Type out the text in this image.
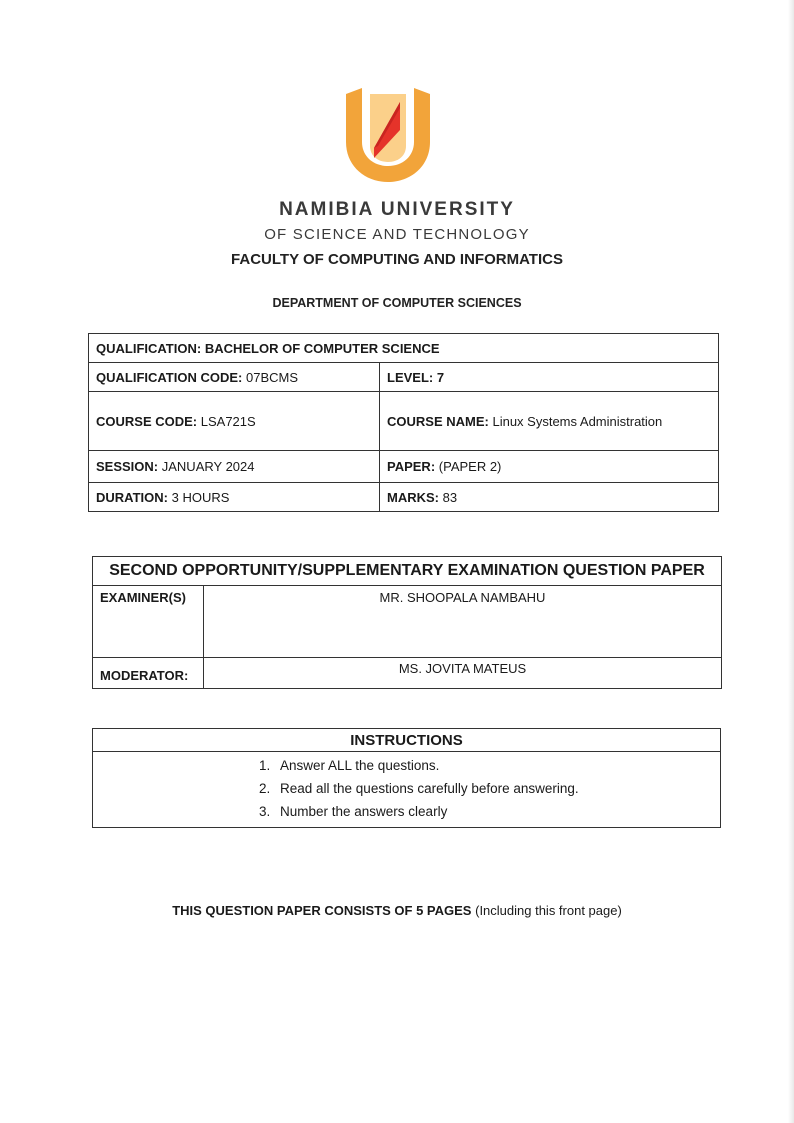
NAMIBIA UNIVERSITY
OF SCIENCE AND TECHNOLOGY
FACULTY OF COMPUTING AND INFORMATICS
DEPARTMENT OF COMPUTER SCIENCES
QUALIFICATION: BACHELOR OF COMPUTER SCIENCE	
QUALIFICATION CODE: 07BCMS	LEVEL: 7
COURSE CODE: LSA721S	COURSE NAME: Linux Systems Administration
SESSION: JANUARY 2024	PAPER: (PAPER 2)
DURATION: 3 HOURS	MARKS: 83
SECOND OPPORTUNITY/SUPPLEMENTARY EXAMINATION QUESTION PAPER	
EXAMINER(S)	MR. SHOOPALA NAMBAHU
MODERATOR:	MS. JOVITA MATEUS
INSTRUCTIONS

1. Answer ALL the questions.
2. Read all the questions carefully before answering.
3. Number the answers clearly
THIS QUESTION PAPER CONSISTS OF 5 PAGES (Including this front page)
